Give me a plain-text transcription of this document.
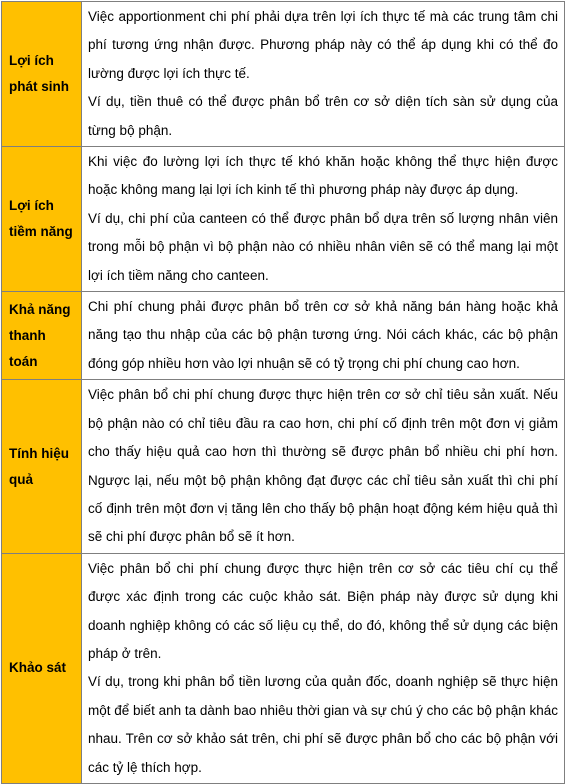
Lợi ích phát sinh	Việc apportionment chi phí phải dựa trên lợi ích thực tế mà các trung tâm chi phí tương ứng nhận được. Phương pháp này có thể áp dụng khi có thể đo lường được lợi ích thực tế.

Ví dụ, tiền thuê có thể được phân bổ trên cơ sở diện tích sàn sử dụng của từng bộ phận.

Lợi ích tiềm năng	Khi việc đo lường lợi ích thực tế khó khăn hoặc không thể thực hiện được hoặc không mang lại lợi ích kinh tế thì phương pháp này được áp dụng.

Ví dụ, chi phí của canteen có thể được phân bổ dựa trên số lượng nhân viên trong mỗi bộ phận vì bộ phận nào có nhiều nhân viên sẽ có thể mang lại một lợi ích tiềm năng cho canteen.

Khả năng thanh toán	Chi phí chung phải được phân bổ trên cơ sở khả năng bán hàng hoặc khả năng tạo thu nhập của các bộ phận tương ứng. Nói cách khác, các bộ phận đóng góp nhiều hơn vào lợi nhuận sẽ có tỷ trọng chi phí chung cao hơn.

Tính hiệu quả	Việc phân bổ chi phí chung được thực hiện trên cơ sở chỉ tiêu sản xuất. Nếu bộ phận nào có chỉ tiêu đầu ra cao hơn, chi phí cố định trên một đơn vị giảm cho thấy hiệu quả cao hơn thì thường sẽ được phân bổ nhiều chi phí hơn. Ngược lại, nếu một bộ phận không đạt được các chỉ tiêu sản xuất thì chi phí cố định trên một đơn vị tăng lên cho thấy bộ phận hoạt động kém hiệu quả thì sẽ chi phí được phân bổ sẽ ít hơn.

Khảo sát	Việc phân bổ chi phí chung được thực hiện trên cơ sở các tiêu chí cụ thể được xác định trong các cuộc khảo sát. Biện pháp này được sử dụng khi doanh nghiệp không có các số liệu cụ thể, do đó, không thể sử dụng các biện pháp ở trên.

Ví dụ, trong khi phân bổ tiền lương của quản đốc, doanh nghiệp sẽ thực hiện một để biết anh ta dành bao nhiêu thời gian và sự chú ý cho các bộ phận khác nhau. Trên cơ sở khảo sát trên, chi phí sẽ được phân bổ cho các bộ phận với các tỷ lệ thích hợp.
